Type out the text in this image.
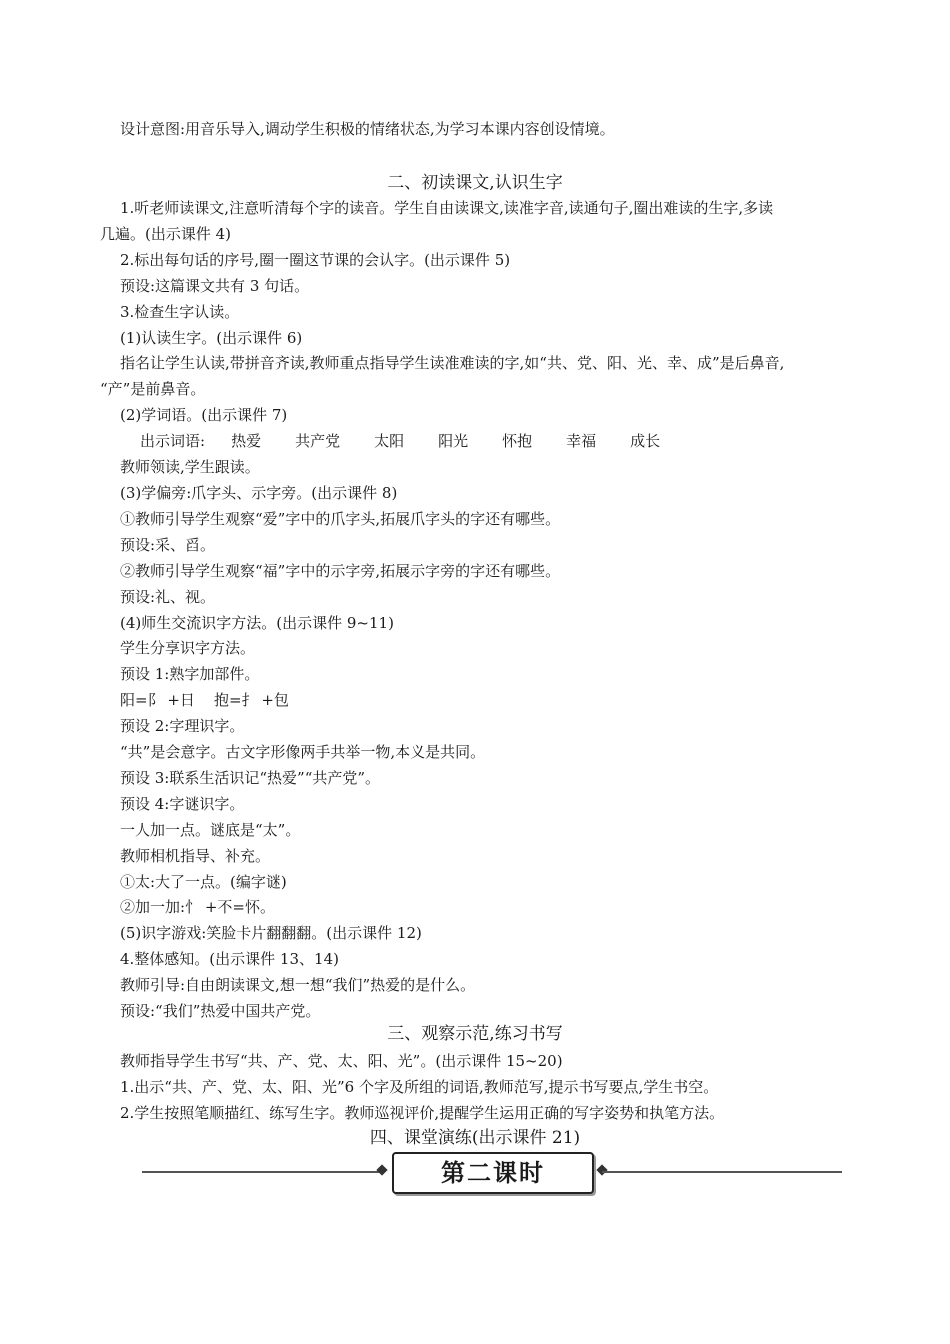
设计意图:用音乐导入,调动学生积极的情绪状态,为学习本课内容创设情境。
二、初读课文,认识生字

1.听老师读课文,注意听清每个字的读音。学生自由读课文,读准字音,读通句子,圈出难读的生字,多读

几遍。(出示课件 4)

2.标出每句话的序号,圈一圈这节课的会认字。(出示课件 5)

预设:这篇课文共有 3 句话。

3.检查生字认读。

(1)认读生字。(出示课件 6)

指名让学生认读,带拼音齐读,教师重点指导学生读准难读的字,如“共、党、阳、光、幸、成”是后鼻音,

“产”是前鼻音。

(2)学词语。(出示课件 7)

出示词语: 热爱 共产党 太阳 阳光 怀抱 幸福 成长

教师领读,学生跟读。

(3)学偏旁:爪字头、示字旁。(出示课件 8)

①教师引导学生观察“爱”字中的爪字头,拓展爪字头的字还有哪些。

预设:采、舀。

②教师引导学生观察“福”字中的示字旁,拓展示字旁的字还有哪些。

预设:礼、视。

(4)师生交流识字方法。(出示课件 9~11)

学生分享识字方法。

预设 1:熟字加部件。

阳=阝 +日    抱=扌 +包

预设 2:字理识字。

“共”是会意字。古文字形像两手共举一物,本义是共同。

预设 3:联系生活识记“热爱”“共产党”。

预设 4:字谜识字。

一人加一点。谜底是“太”。

教师相机指导、补充。

①太:大了一点。(编字谜)

②加一加:忄 +不=怀。

(5)识字游戏:笑脸卡片翻翻翻。(出示课件 12)

4.整体感知。(出示课件 13、14)

教师引导:自由朗读课文,想一想“我们”热爱的是什么。

预设:“我们”热爱中国共产党。

三、观察示范,练习书写

教师指导学生书写“共、产、党、太、阳、光”。(出示课件 15~20)

1.出示“共、产、党、太、阳、光”6 个字及所组的词语,教师范写,提示书写要点,学生书空。

2.学生按照笔顺描红、练写生字。教师巡视评价,提醒学生运用正确的写字姿势和执笔方法。

四、课堂演练(出示课件 21)
第二课时
